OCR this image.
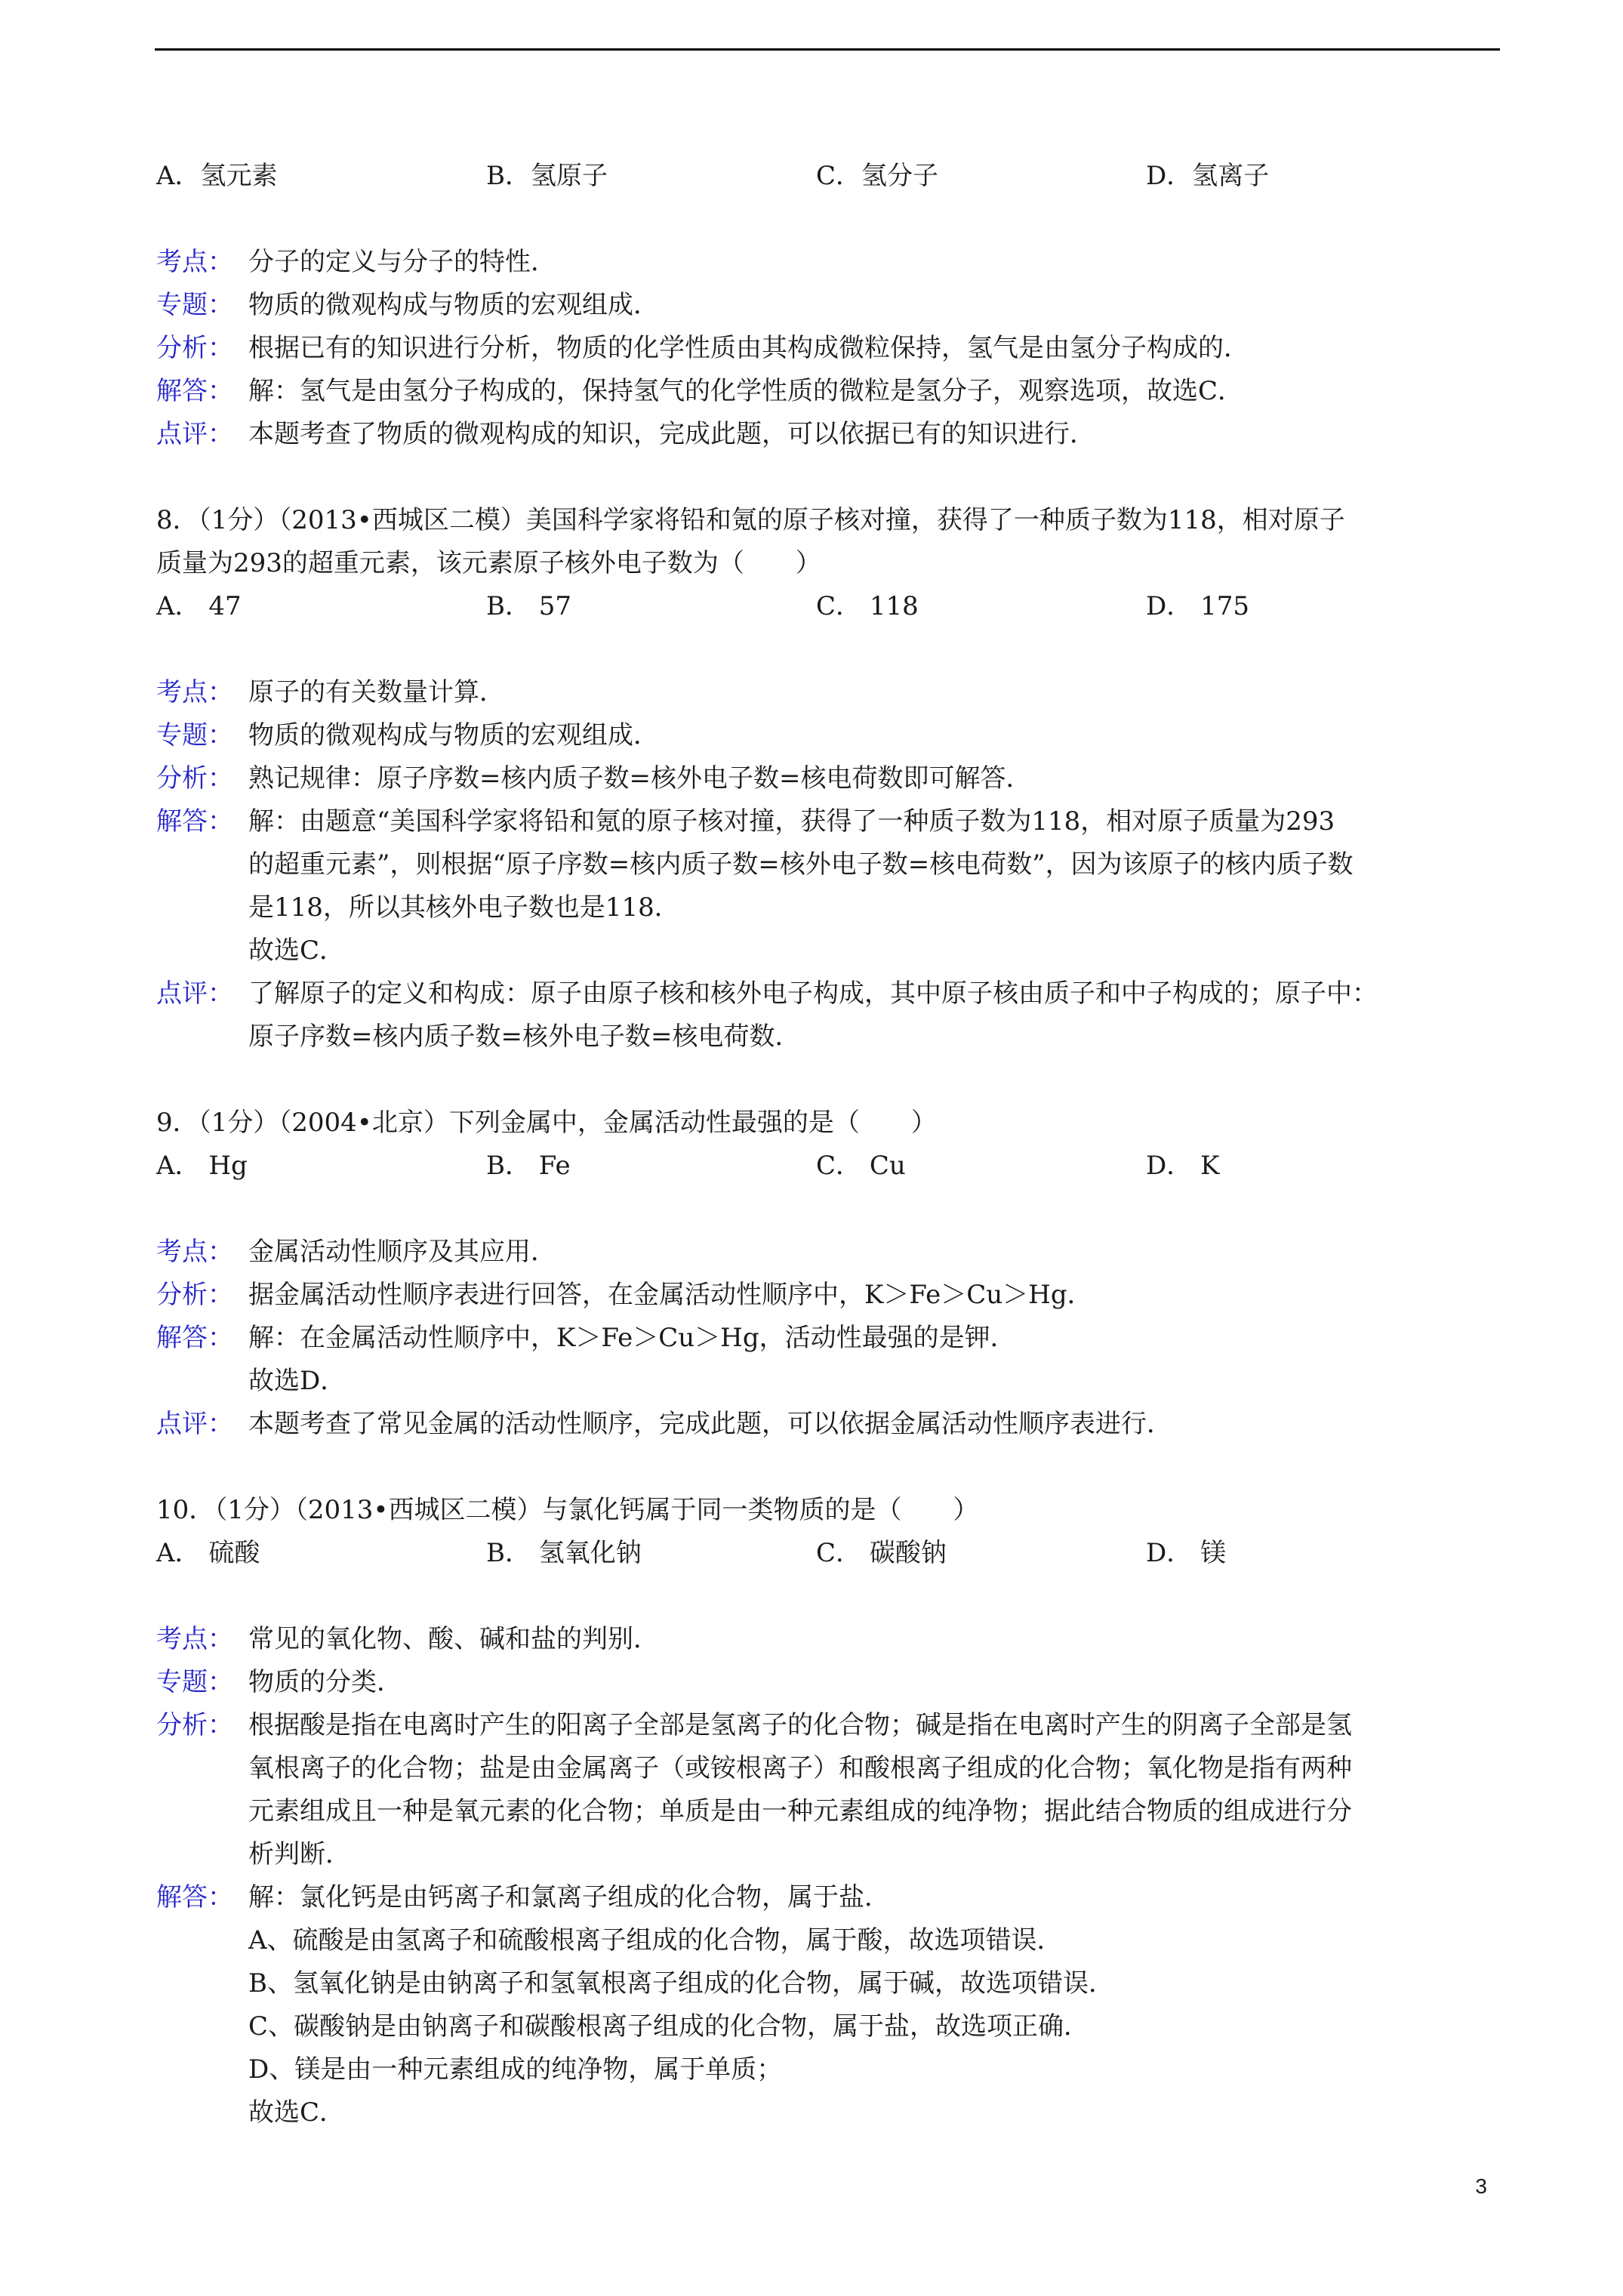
A．氢元素	B．氢原子	C．氢分子	D．氢离子
考点： 分子的定义与分子的特性．
专题： 物质的微观构成与物质的宏观组成．
分析： 根据已有的知识进行分析，物质的化学性质由其构成微粒保持，氢气是由氢分子构成的．
解答： 解：氢气是由氢分子构成的，保持氢气的化学性质的微粒是氢分子，观察选项，故选C．
点评： 本题考查了物质的微观构成的知识，完成此题，可以依据已有的知识进行．
8．（1分）（2013•西城区二模）美国科学家将铅和氪的原子核对撞，获得了一种质子数为118，相对原子
质量为293的超重元素，该元素原子核外电子数为（　　）
A． 47	B． 57	C． 118	D． 175
考点： 原子的有关数量计算．
专题： 物质的微观构成与物质的宏观组成．
分析： 熟记规律：原子序数=核内质子数=核外电子数=核电荷数即可解答．
解答： 解：由题意“美国科学家将铅和氪的原子核对撞，获得了一种质子数为118，相对原子质量为293
的超重元素”，则根据“原子序数=核内质子数=核外电子数=核电荷数”，因为该原子的核内质子数
是118，所以其核外电子数也是118．
故选C．
点评： 了解原子的定义和构成：原子由原子核和核外电子构成，其中原子核由质子和中子构成的；原子中：
原子序数=核内质子数=核外电子数=核电荷数．
9．（1分）（2004•北京）下列金属中，金属活动性最强的是（　　）
A． Hg	B． Fe	C． Cu	D． K
考点： 金属活动性顺序及其应用．
分析： 据金属活动性顺序表进行回答，在金属活动性顺序中，K＞Fe＞Cu＞Hg．
解答： 解：在金属活动性顺序中，K＞Fe＞Cu＞Hg，活动性最强的是钾．
故选D．
点评： 本题考查了常见金属的活动性顺序，完成此题，可以依据金属活动性顺序表进行．
10．（1分）（2013•西城区二模）与氯化钙属于同一类物质的是（　　）
A． 硫酸	B． 氢氧化钠	C． 碳酸钠	D． 镁
考点： 常见的氧化物、酸、碱和盐的判别．
专题： 物质的分类．
分析： 根据酸是指在电离时产生的阳离子全部是氢离子的化合物；碱是指在电离时产生的阴离子全部是氢
氧根离子的化合物；盐是由金属离子（或铵根离子）和酸根离子组成的化合物；氧化物是指有两种
元素组成且一种是氧元素的化合物；单质是由一种元素组成的纯净物；据此结合物质的组成进行分
析判断．
解答： 解：氯化钙是由钙离子和氯离子组成的化合物，属于盐．
A、硫酸是由氢离子和硫酸根离子组成的化合物，属于酸，故选项错误．
B、氢氧化钠是由钠离子和氢氧根离子组成的化合物，属于碱，故选项错误．
C、碳酸钠是由钠离子和碳酸根离子组成的化合物，属于盐，故选项正确．
D、镁是由一种元素组成的纯净物，属于单质；
故选C．
3
